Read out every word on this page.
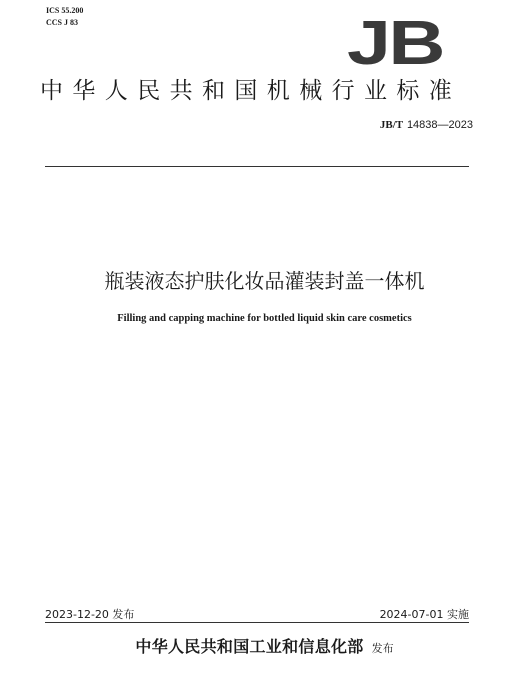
ICS 55.200
CCS J 83	JB
中华人民共和国机械行业标准
JB/T 14838—2023
瓶装液态护肤化妆品灌装封盖一体机
Filling and capping machine for bottled liquid skin care cosmetics
2023-12-20 发布	2024-07-01 实施
中华人民共和国工业和信息化部 发布
